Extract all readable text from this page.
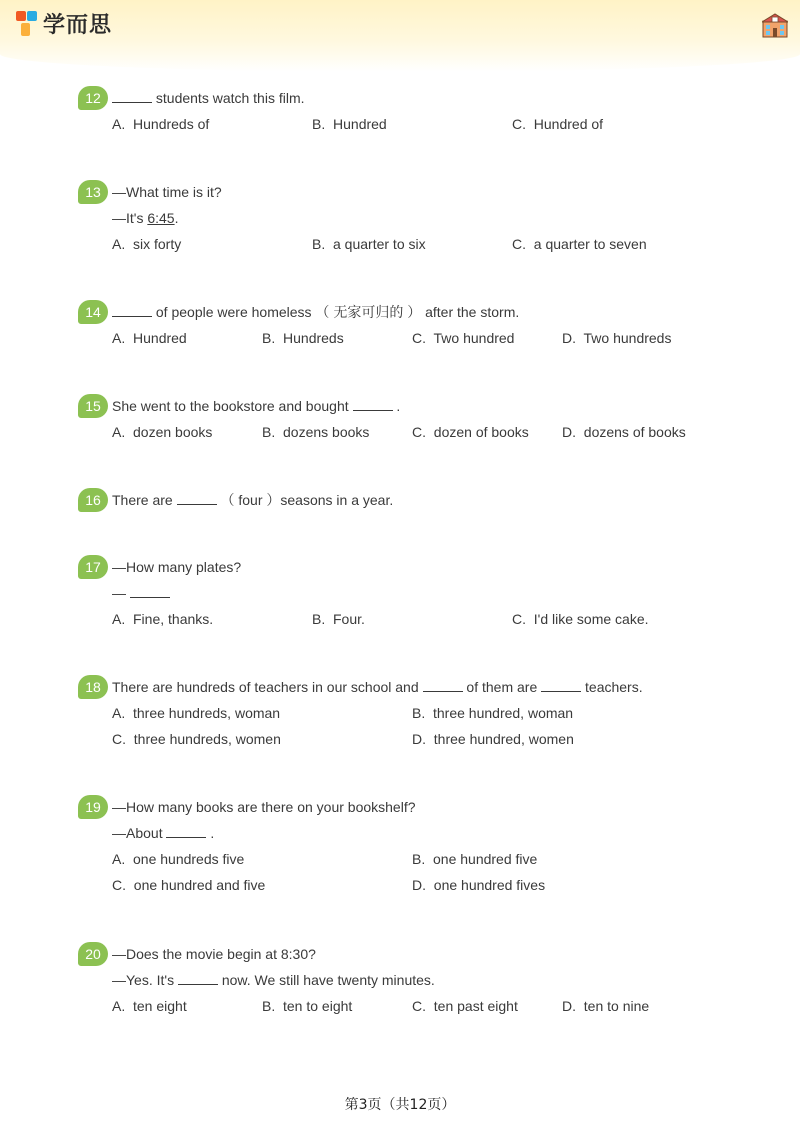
学而思
12	students watch this film.
A.  Hundreds of	B.  Hundred	C.  Hundred of
13 —What time is it?
—It's 6:45.
A.  six forty	B.  a quarter to six	C.  a quarter to seven
14	of people were homeless （ 无家可归的 ） after the storm.
A.  Hundred	B.  Hundreds	C.  Two hundred	D.  Two hundreds
15 She went to the bookstore and bought	.
A.  dozen books	B.  dozens books	C.  dozen of books D.  dozens of books
16 There are	（ four ）seasons in a year.
17 —How many plates?
—
A.  Fine, thanks.	B.  Four.	C.  I'd like some cake.
18 There are hundreds of teachers in our school and	of them are	teachers.
A.  three hundreds, woman	B.  three hundred, woman
C.  three hundreds, women	D.  three hundred, women
19 —How many books are there on your bookshelf?
—About	.
A.  one hundreds five	B.  one hundred five
C.  one hundred and five	D.  one hundred fives
20 —Does the movie begin at 8:30?
—Yes. It's	now. We still have twenty minutes.
A.  ten eight	B.  ten to eight	C.  ten past eight	D.  ten to nine
第3页（共12页）
